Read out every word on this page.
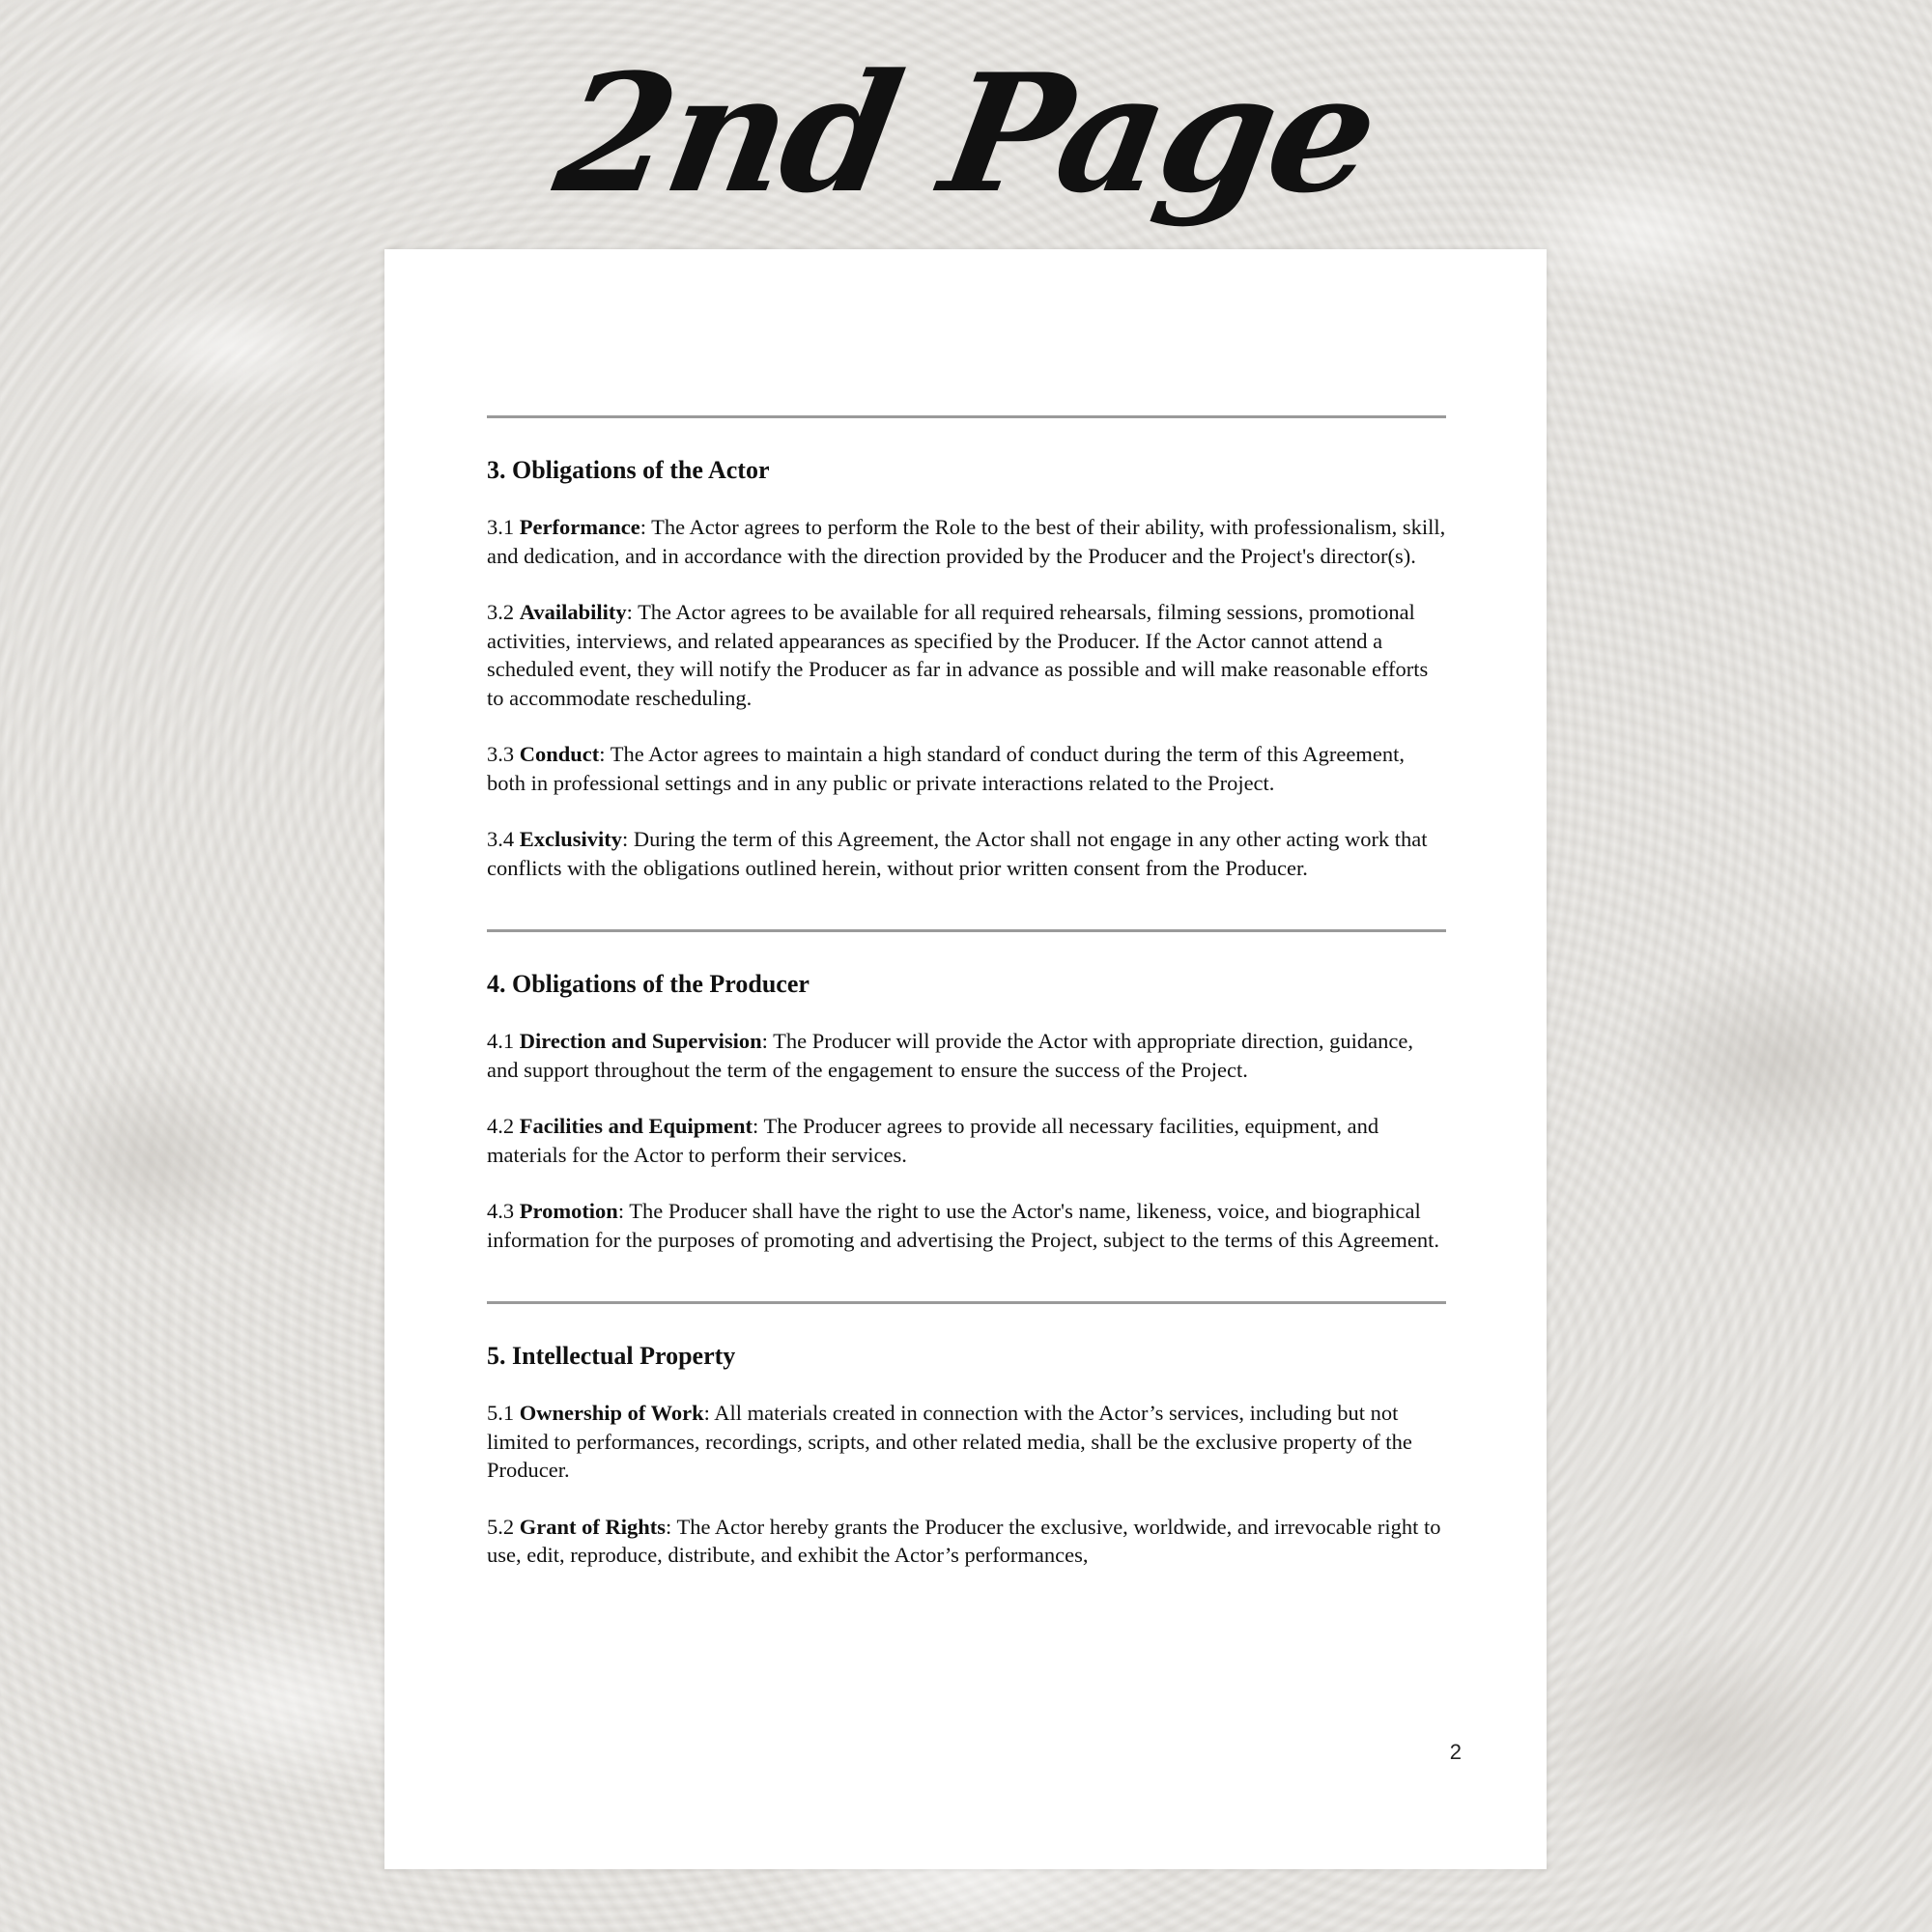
2nd Page
3. Obligations of the Actor

3.1 Performance: The Actor agrees to perform the Role to the best of their ability, with professionalism, skill, and dedication, and in accordance with the direction provided by the Producer and the Project's director(s).

3.2 Availability: The Actor agrees to be available for all required rehearsals, filming sessions, promotional activities, interviews, and related appearances as specified by the Producer. If the Actor cannot attend a scheduled event, they will notify the Producer as far in advance as possible and will make reasonable efforts to accommodate rescheduling.

3.3 Conduct: The Actor agrees to maintain a high standard of conduct during the term of this Agreement, both in professional settings and in any public or private interactions related to the Project.

3.4 Exclusivity: During the term of this Agreement, the Actor shall not engage in any other acting work that conflicts with the obligations outlined herein, without prior written consent from the Producer.

4. Obligations of the Producer

4.1 Direction and Supervision: The Producer will provide the Actor with appropriate direction, guidance, and support throughout the term of the engagement to ensure the success of the Project.

4.2 Facilities and Equipment: The Producer agrees to provide all necessary facilities, equipment, and materials for the Actor to perform their services.

4.3 Promotion: The Producer shall have the right to use the Actor's name, likeness, voice, and biographical information for the purposes of promoting and advertising the Project, subject to the terms of this Agreement.

5. Intellectual Property

5.1 Ownership of Work: All materials created in connection with the Actor’s services, including but not limited to performances, recordings, scripts, and other related media, shall be the exclusive property of the Producer.

5.2 Grant of Rights: The Actor hereby grants the Producer the exclusive, worldwide, and irrevocable right to use, edit, reproduce, distribute, and exhibit the Actor’s performances,

2
